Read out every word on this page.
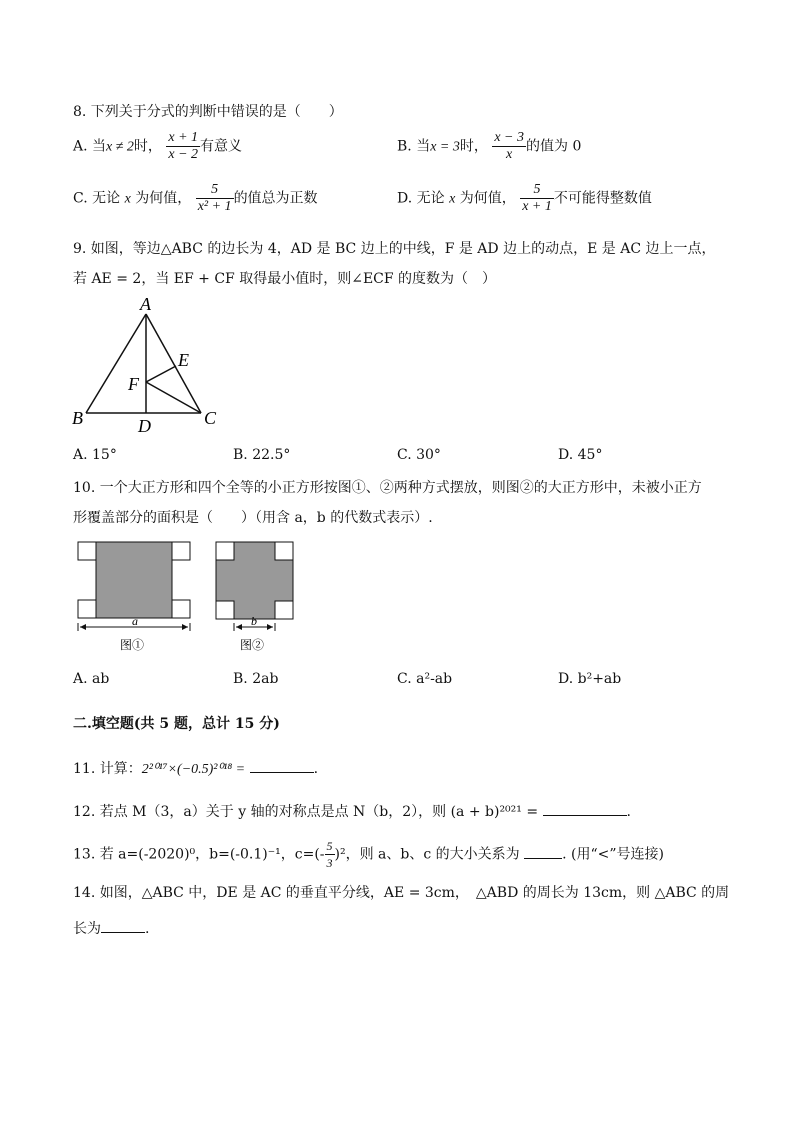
8. 下列关于分式的判断中错误的是（　　）
A. 当x ≠ 2时， $\frac{x + 1}{x - 2}$ 有意义	B. 当x = 3时， $\frac{x - 3}{x}$ 的值为 0
C. 无论 x 为何值， $\frac{5}{\text{x² + 1}}$ 的值总为正数	D. 无论 x 为何值， $\frac{5}{x + 1}$ 不可能得整数值
9. 如图，等边△ABC 的边长为 4，AD 是 BC 边上的中线，F 是 AD 边上的动点，E 是 AC 边上一点，
若 AE = 2，当 EF + CF 取得最小值时，则∠ECF 的度数为（　）
A
E
F
B	D	C
A. 15°	B. 22.5°	C. 30°	D. 45°
10. 一个大正方形和四个全等的小正方形按图①、②两种方式摆放，则图②的大正方形中，未被小正方
形覆盖部分的面积是（　　）（用含 a，b 的代数式表示）.
a
图①
b
图②
A. ab	B. 2ab	C. a²-ab	D. b²+ab
二.填空题(共 5 题，总计 15 分)
11. 计算：2²⁰¹⁷×(−0.5)²⁰¹⁸ =	.
12. 若点 M（3，a）关于 y 轴的对称点是点 N（b，2），则 (a + b)²⁰²¹ =	.
13. 若 a=(-2020)⁰，b=(-0.1)⁻¹，$c=(- \frac{5}{3} )^2$，则 a、b、c 的大小关系为	. (用“<”号连接)
14. 如图，△ABC 中，DE 是 AC 的垂直平分线，AE = 3cm，　△ABD 的周长为 13cm，则 △ABC 的周
长为	.
